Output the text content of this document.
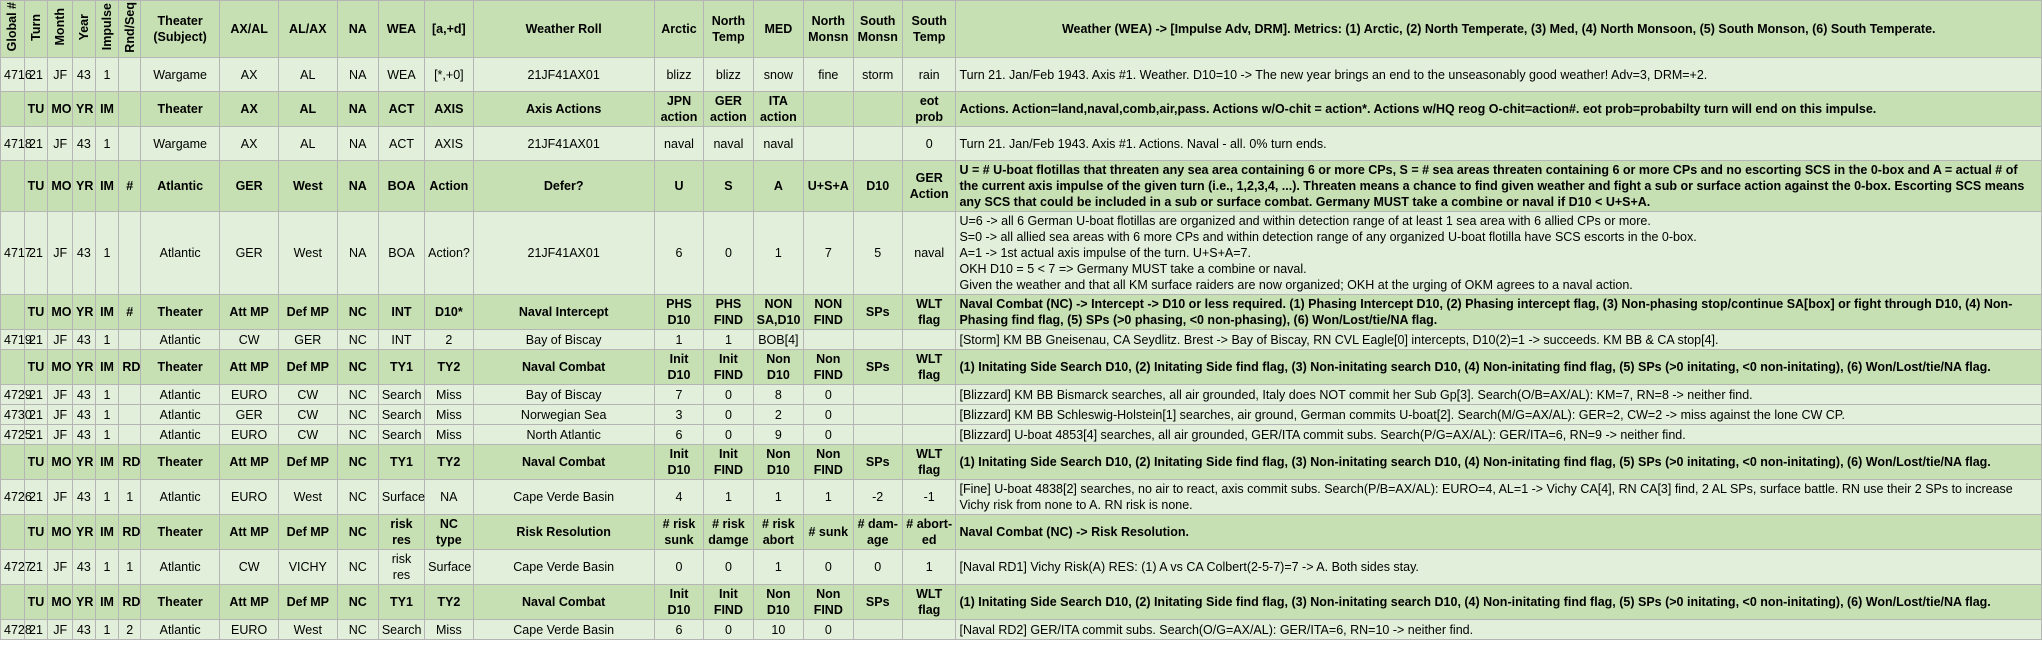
Global #	Turn	Month	Year	Impulse	Rnd/Seq	Theater (Subject)	AX/AL	AL/AX	NA	WEA	[a,+d]	Weather Roll	Arctic	North Temp	MED	North Monsn	South Monsn	South Temp	Weather (WEA) -> [Impulse Adv, DRM]. Metrics: (1) Arctic, (2) North Temperate, (3) Med, (4) North Monsoon, (5) South Monson, (6) South Temperate.
4716	21	JF	43	1		Wargame	AX	AL	NA	WEA	[*,+0]	21JF41AX01	blizz	blizz	snow	fine	storm	rain	Turn 21. Jan/Feb 1943. Axis #1. Weather. D10=10 -> The new year brings an end to the unseasonably good weather! Adv=3, DRM=+2.
	TU	MO	YR	IM		Theater	AX	AL	NA	ACT	AXIS	Axis Actions	JPN action	GER action	ITA action			eot prob	Actions. Action=land,naval,comb,air,pass. Actions w/O-chit = action*. Actions w/HQ reog O-chit=action#. eot prob=probabilty turn will end on this impulse.
4718	21	JF	43	1		Wargame	AX	AL	NA	ACT	AXIS	21JF41AX01	naval	naval	naval			0	Turn 21. Jan/Feb 1943. Axis #1. Actions. Naval - all. 0% turn ends.
	TU	MO	YR	IM	#	Atlantic	GER	West	NA	BOA	Action	Defer?	U	S	A	U+S+A	D10	GER Action	U = # U-boat flotillas that threaten any sea area containing 6 or more CPs, S = # sea areas threaten containing 6 or more CPs and no escorting SCS in the 0-box and A = actual # of the current axis impulse of the given turn (i.e., 1,2,3,4, ...). Threaten means a chance to find given weather and fight a sub or surface action against the 0-box. Escorting SCS means any SCS that could be included in a sub or surface combat. Germany MUST take a combine or naval if D10 < U+S+A.
4717	21	JF	43	1		Atlantic	GER	West	NA	BOA	Action?	21JF41AX01	6	0	1	7	5	naval	U=6 -> all 6 German U-boat flotillas are organized and within detection range of at least 1 sea area with 6 allied CPs or more.
S=0 -> all allied sea areas with 6 more CPs and within detection range of any organized U-boat flotilla have SCS escorts in the 0-box.
A=1 -> 1st actual axis impulse of the turn. U+S+A=7.
OKH D10 = 5 < 7 => Germany MUST take a combine or naval.
Given the weather and that all KM surface raiders are now organized; OKH at the urging of OKM agrees to a naval action.

	TU	MO	YR	IM	#	Theater	Att MP	Def MP	NC	INT	D10*	Naval Intercept	PHS D10	PHS FIND	NON SA,D10	NON FIND	SPs	WLT flag	Naval Combat (NC) -> Intercept -> D10 or less required. (1) Phasing Intercept D10, (2) Phasing intercept flag, (3) Non-phasing stop/continue SA[box] or fight through D10, (4) Non-Phasing find flag, (5) SPs (>0 phasing, <0 non-phasing), (6) Won/Lost/tie/NA flag.
4719	21	JF	43	1		Atlantic	CW	GER	NC	INT	2	Bay of Biscay	1	1	BOB[4]				[Storm] KM BB Gneisenau, CA Seydlitz. Brest -> Bay of Biscay, RN CVL Eagle[0] intercepts, D10(2)=1 -> succeeds. KM BB & CA stop[4].
	TU	MO	YR	IM	RD	Theater	Att MP	Def MP	NC	TY1	TY2	Naval Combat	Init D10	Init FIND	Non D10	Non FIND	SPs	WLT flag	(1) Initating Side Search D10, (2) Initating Side find flag, (3) Non-initating search D10, (4) Non-initating find flag, (5) SPs (>0 initating, <0 non-initating), (6) Won/Lost/tie/NA flag.
4729	21	JF	43	1		Atlantic	EURO	CW	NC	Search	Miss	Bay of Biscay	7	0	8	0			[Blizzard] KM BB Bismarck searches, all air grounded, Italy does NOT commit her Sub Gp[3]. Search(O/B=AX/AL): KM=7, RN=8 -> neither find.
4730	21	JF	43	1		Atlantic	GER	CW	NC	Search	Miss	Norwegian Sea	3	0	2	0			[Blizzard] KM BB Schleswig-Holstein[1] searches, air ground, German commits U-boat[2]. Search(M/G=AX/AL): GER=2, CW=2 -> miss against the lone CW CP.
4725	21	JF	43	1		Atlantic	EURO	CW	NC	Search	Miss	North Atlantic	6	0	9	0			[Blizzard] U-boat 4853[4] searches, all air grounded, GER/ITA commit subs. Search(P/G=AX/AL): GER/ITA=6, RN=9 -> neither find.
	TU	MO	YR	IM	RD	Theater	Att MP	Def MP	NC	TY1	TY2	Naval Combat	Init D10	Init FIND	Non D10	Non FIND	SPs	WLT flag	(1) Initating Side Search D10, (2) Initating Side find flag, (3) Non-initating search D10, (4) Non-initating find flag, (5) SPs (>0 initating, <0 non-initating), (6) Won/Lost/tie/NA flag.
4726	21	JF	43	1	1	Atlantic	EURO	West	NC	Surface	NA	Cape Verde Basin	4	1	1	1	-2	-1	[Fine] U-boat 4838[2] searches, no air to react, axis commit subs. Search(P/B=AX/AL): EURO=4, AL=1 -> Vichy CA[4], RN CA[3] find, 2 AL SPs, surface battle. RN use their 2 SPs to increase Vichy risk from none to A. RN risk is none.
	TU	MO	YR	IM	RD	Theater	Att MP	Def MP	NC	risk res	NC type	Risk Resolution	# risk sunk	# risk damge	# risk abort	# sunk	# dam-age	# abort-ed	Naval Combat (NC) -> Risk Resolution.
4727	21	JF	43	1	1	Atlantic	CW	VICHY	NC	risk res	Surface	Cape Verde Basin	0	0	1	0	0	1	[Naval RD1] Vichy Risk(A) RES: (1) A vs CA Colbert(2-5-7)=7 -> A. Both sides stay.
	TU	MO	YR	IM	RD	Theater	Att MP	Def MP	NC	TY1	TY2	Naval Combat	Init D10	Init FIND	Non D10	Non FIND	SPs	WLT flag	(1) Initating Side Search D10, (2) Initating Side find flag, (3) Non-initating search D10, (4) Non-initating find flag, (5) SPs (>0 initating, <0 non-initating), (6) Won/Lost/tie/NA flag.
4728	21	JF	43	1	2	Atlantic	EURO	West	NC	Search	Miss	Cape Verde Basin	6	0	10	0			[Naval RD2] GER/ITA commit subs. Search(O/G=AX/AL): GER/ITA=6, RN=10 -> neither find.
